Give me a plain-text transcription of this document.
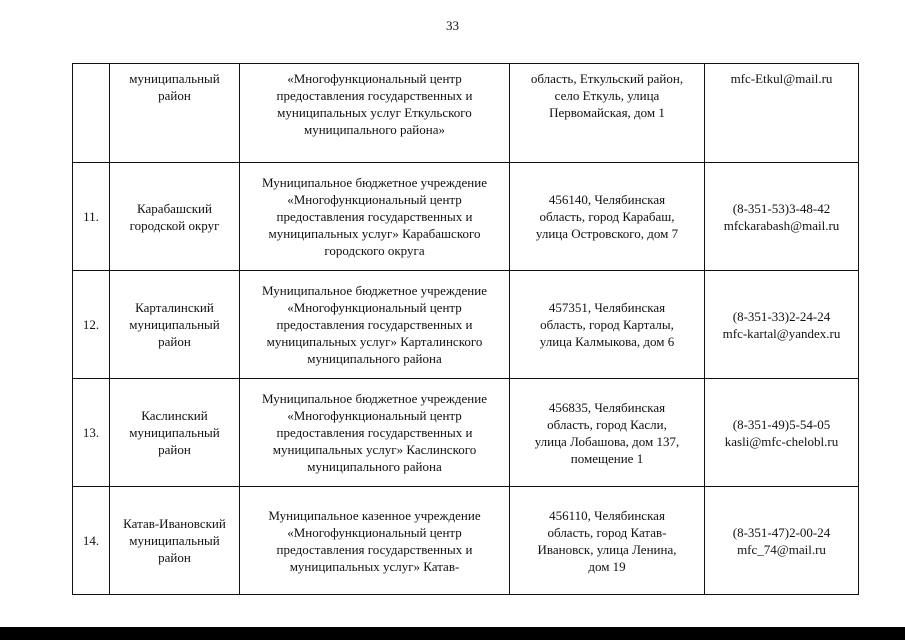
33

	муниципальный
район	«Многофункциональный центр
предоставления государственных и
муниципальных услуг Еткульского
муниципального района»	область, Еткульский район,
село Еткуль, улица
Первомайская, дом 1	mfc-Etkul@mail.ru

11.	Карабашский
городской округ	Муниципальное бюджетное учреждение
«Многофункциональный центр
предоставления государственных и
муниципальных услуг» Карабашского
городского округа	456140, Челябинская
область, город Карабаш,
улица Островского, дом 7	(8-351-53)3-48-42
mfckarabash@mail.ru

12.	Карталинский
муниципальный
район	Муниципальное бюджетное учреждение
«Многофункциональный центр
предоставления государственных и
муниципальных услуг» Карталинского
муниципального района	457351, Челябинская
область, город Карталы,
улица Калмыкова, дом 6	(8-351-33)2-24-24
mfc-kartal@yandex.ru

13.	Каслинский
муниципальный
район	Муниципальное бюджетное учреждение
«Многофункциональный центр
предоставления государственных и
муниципальных услуг» Каслинского
муниципального района	456835, Челябинская
область, город Касли,
улица Лобашова, дом 137,
помещение 1	(8-351-49)5-54-05
kasli@mfc-chelobl.ru

14.	Катав-Ивановский
муниципальный
район	Муниципальное казенное учреждение
«Многофункциональный центр
предоставления государственных и
муниципальных услуг» Катав-	456110, Челябинская
область, город Катав-
Ивановск, улица Ленина,
дом 19	(8-351-47)2-00-24
mfc_74@mail.ru
